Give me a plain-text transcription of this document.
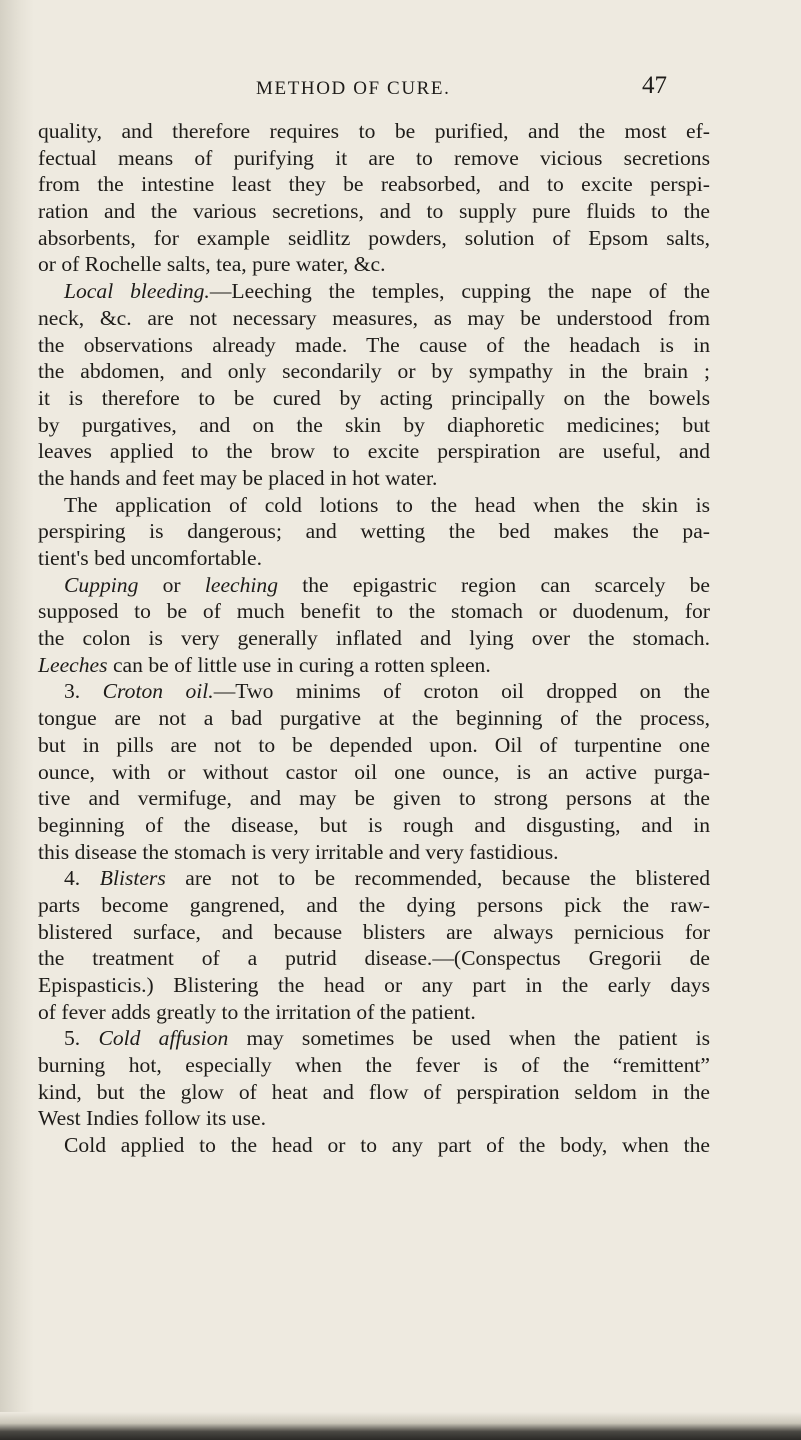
METHOD OF CURE.	47
quality, and therefore requires to be purified, and the most ef-
fectual means of purifying it are to remove vicious secretions
from the intestine least they be reabsorbed, and to excite perspi-
ration and the various secretions, and to supply pure fluids to the
absorbents, for example seidlitz powders, solution of Epsom salts,
or of Rochelle salts, tea, pure water, &c.
Local bleeding.—Leeching the temples, cupping the nape of the
neck, &c. are not necessary measures, as may be understood from
the observations already made. The cause of the headach is in
the abdomen, and only secondarily or by sympathy in the brain ;
it is therefore to be cured by acting principally on the bowels
by purgatives, and on the skin by diaphoretic medicines; but
leaves applied to the brow to excite perspiration are useful, and
the hands and feet may be placed in hot water.
The application of cold lotions to the head when the skin is
perspiring is dangerous; and wetting the bed makes the pa-
tient's bed uncomfortable.
Cupping or leeching the epigastric region can scarcely be
supposed to be of much benefit to the stomach or duodenum, for
the colon is very generally inflated and lying over the stomach.
Leeches can be of little use in curing a rotten spleen.
3. Croton oil.—Two minims of croton oil dropped on the
tongue are not a bad purgative at the beginning of the process,
but in pills are not to be depended upon. Oil of turpentine one
ounce, with or without castor oil one ounce, is an active purga-
tive and vermifuge, and may be given to strong persons at the
beginning of the disease, but is rough and disgusting, and in
this disease the stomach is very irritable and very fastidious.
4. Blisters are not to be recommended, because the blistered
parts become gangrened, and the dying persons pick the raw-
blistered surface, and because blisters are always pernicious for
the treatment of a putrid disease.—(Conspectus Gregorii de
Epispasticis.) Blistering the head or any part in the early days
of fever adds greatly to the irritation of the patient.
5. Cold affusion may sometimes be used when the patient is
burning hot, especially when the fever is of the “remittent”
kind, but the glow of heat and flow of perspiration seldom in the
West Indies follow its use.
Cold applied to the head or to any part of the body, when the
